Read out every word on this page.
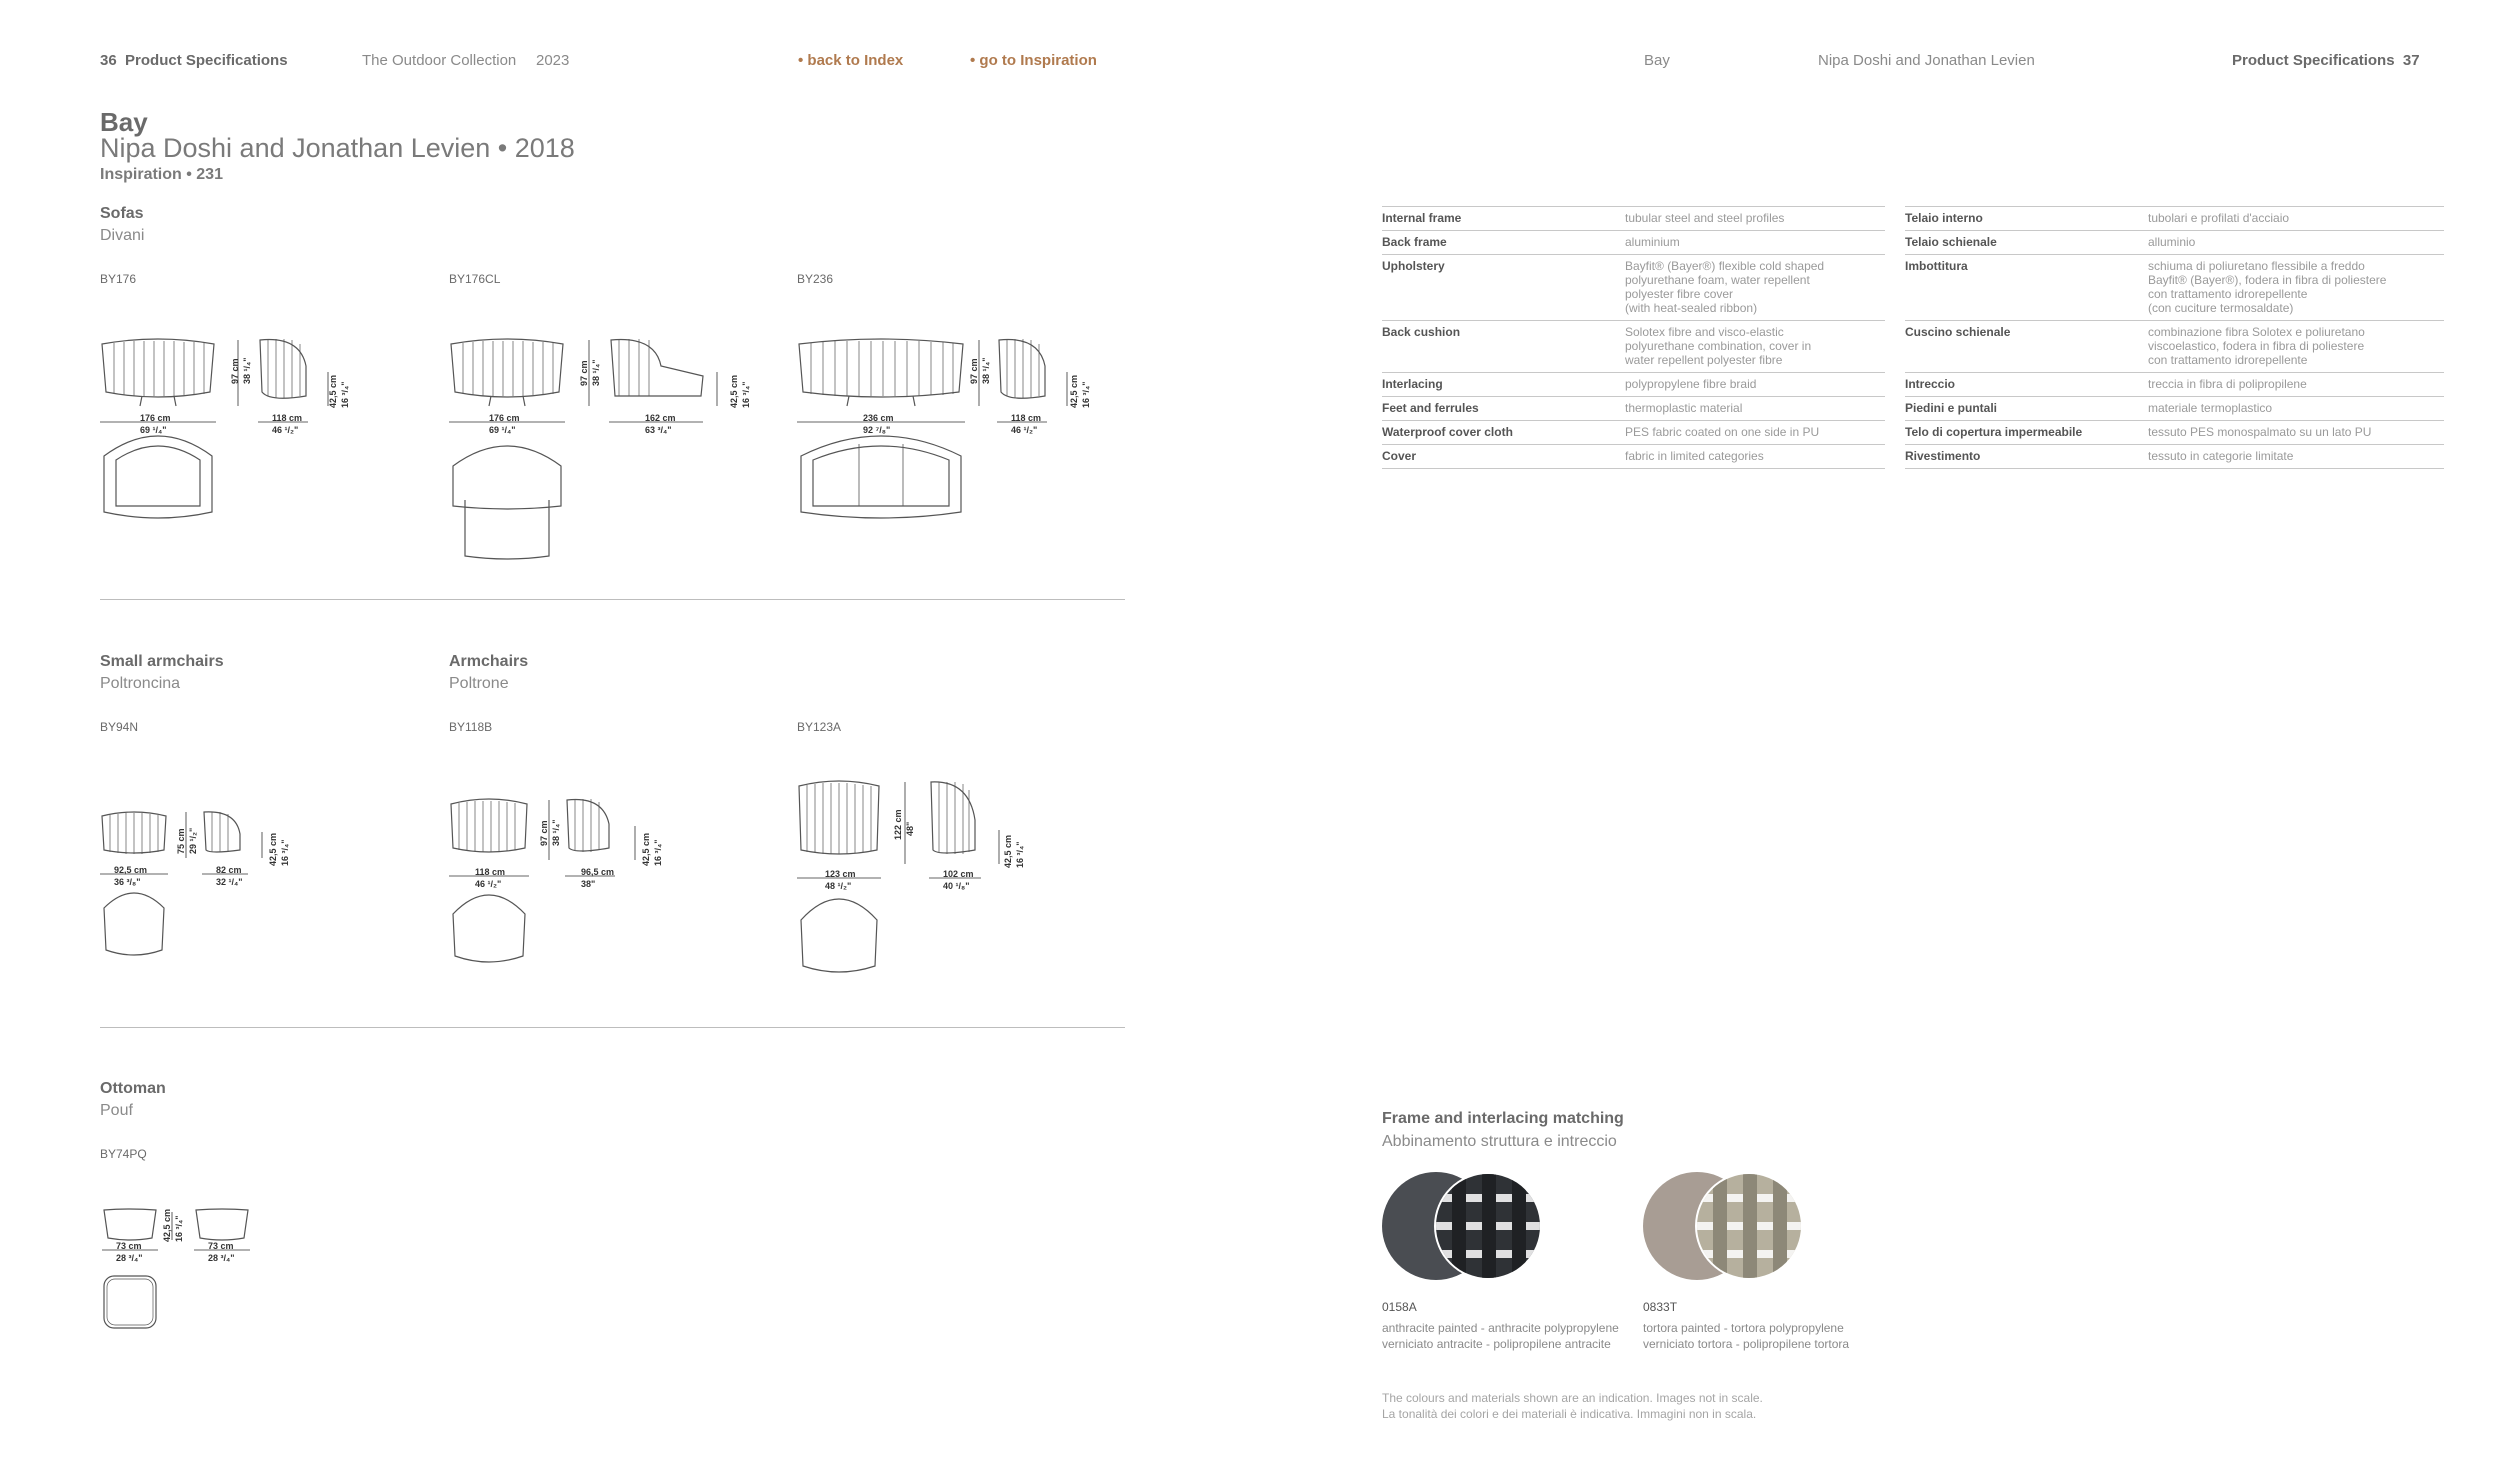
36 Product Specifications	The Outdoor Collection 2023	• back to Index	• go to Inspiration	Bay	Nipa Doshi and Jonathan Levien	Product Specifications 37
Bay
Nipa Doshi and Jonathan Levien • 2018
Inspiration • 231
Sofas
Divani
BY176	BY176CL	BY236
176 cm
69 ¹/₄"
118 cm
46 ¹/₂"
97 cm 38 ¹/₄"
42,5 cm 16 ³/₄"
176 cm
69 ¹/₄"
162 cm
63 ³/₄"
97 cm 38 ¹/₄"
42,5 cm 16 ³/₄"
236 cm
92 ⁷/₈"
118 cm
46 ¹/₂"
97 cm 38 ¹/₄"
42,5 cm 16 ³/₄"
Small armchairs
Poltroncina
Armchairs
Poltrone
BY94N	BY118B	BY123A
92,5 cm
36 ³/₈"
82 cm
32 ¹/₄"
75 cm 29 ¹/₂"	42,5 cm 16 ³/₄"
118 cm
46 ¹/₂"
96,5 cm
38"
97 cm 38 ¹/₄"
42,5 cm 16 ³/₄"
123 cm
48 ¹/₂"
102 cm
40 ¹/₈"
122 cm 48"
42,5 cm 16 ³/₄"
Ottoman
Pouf
BY74PQ
73 cm
28 ³/₄"
73 cm
28 ³/₄"
42,5 cm 16 ³/₄"
Internal frame	tubular steel and steel profiles
Back frame	aluminium
Upholstery	Bayfit® (Bayer®) flexible cold shaped
polyurethane foam, water repellent
polyester fibre cover
(with heat-sealed ribbon)
Back cushion	Solotex fibre and visco-elastic
polyurethane combination, cover in
water repellent polyester fibre
Interlacing	polypropylene fibre braid
Feet and ferrules	thermoplastic material
Waterproof cover cloth	PES fabric coated on one side in PU
Cover	fabric in limited categories
Telaio interno	tubolari e profilati d'acciaio
Telaio schienale	alluminio
Imbottitura	schiuma di poliuretano flessibile a freddo
Bayfit® (Bayer®), fodera in fibra di poliestere
con trattamento idrorepellente
(con cuciture termosaldate)
Cuscino schienale	combinazione fibra Solotex e poliuretano
viscoelastico, fodera in fibra di poliestere
con trattamento idrorepellente
Intreccio	treccia in fibra di polipropilene
Piedini e puntali	materiale termoplastico
Telo di copertura impermeabile	tessuto PES monospalmato su un lato PU
Rivestimento	tessuto in categorie limitate
Frame and interlacing matching
Abbinamento struttura e intreccio
0158A
anthracite painted - anthracite polypropylene
verniciato antracite - polipropilene antracite
0833T
tortora painted - tortora polypropylene
verniciato tortora - polipropilene tortora
The colours and materials shown are an indication. Images not in scale.
La tonalità dei colori e dei materiali è indicativa. Immagini non in scala.
